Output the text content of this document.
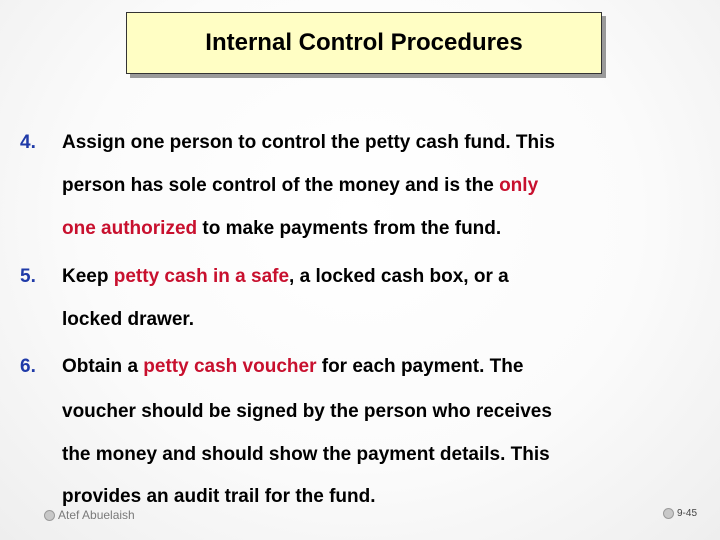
Internal Control Procedures
4. Assign one person to control the petty cash fund. This
person has sole control of the money and is the only
one authorized to make payments from the fund.
5. Keep petty cash in a safe, a locked cash box, or a
locked drawer.
6. Obtain a petty cash voucher for each payment. The
voucher should be signed by the person who receives
the money and should show the payment details. This
provides an audit trail for the fund.
Atef Abuelaish	9-45
